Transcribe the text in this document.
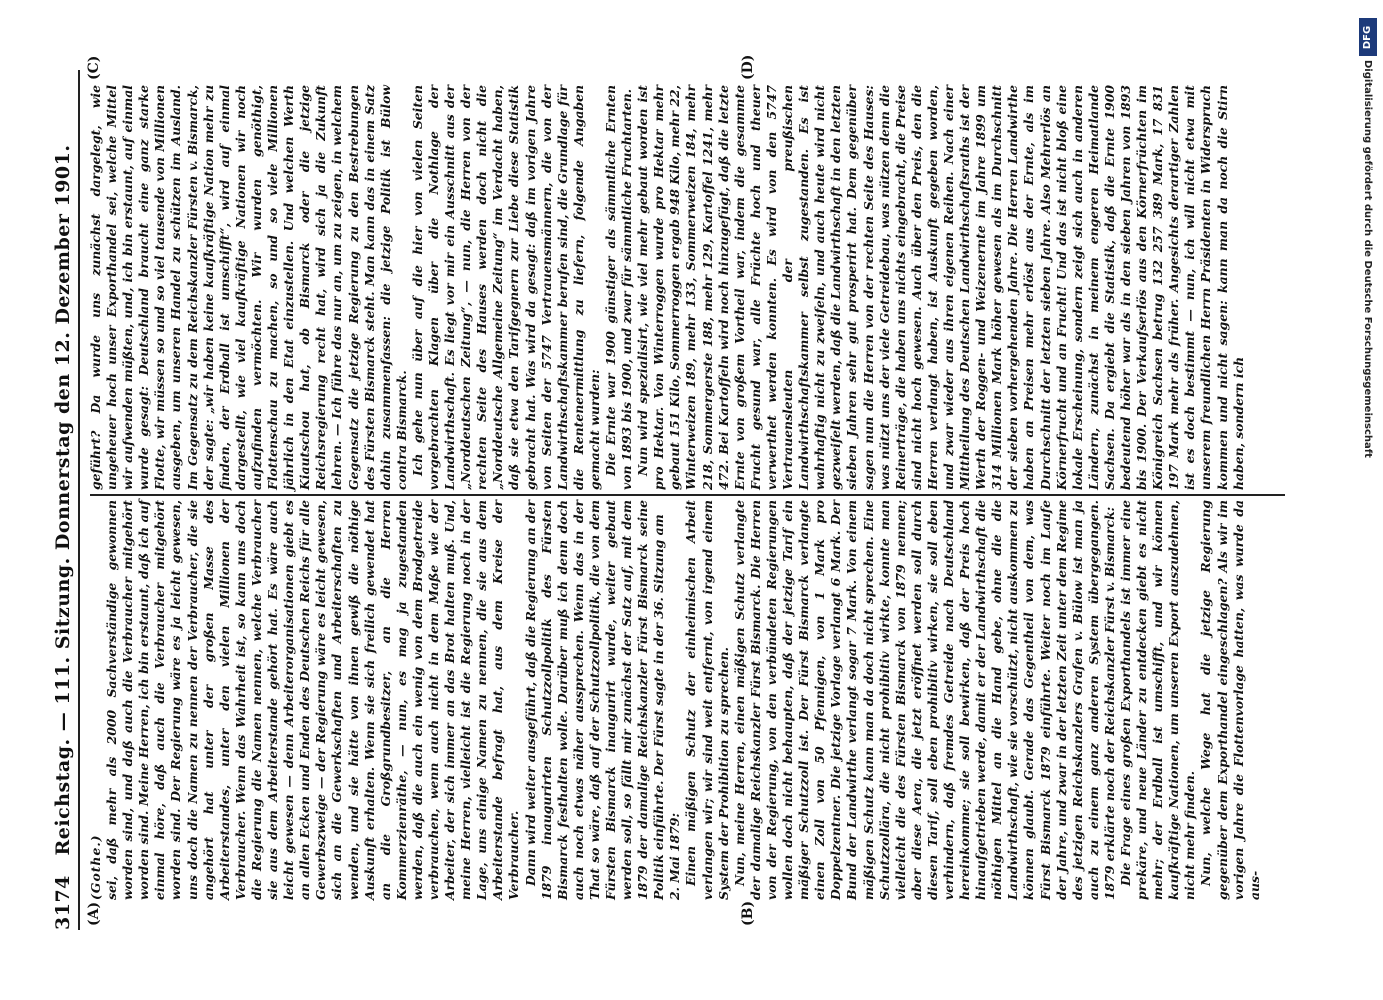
3174
Reichstag. — 111. Sitzung. Donnerstag den 12. Dezember 1901.
(A)	(B)
(C)	(D)

(Gothe.) sei, daß mehr als 2000 Sachverständige gewonnen worden sind, und daß auch die Verbraucher mitgehört worden sind. Meine Herren, ich bin erstaunt, daß ich auf einmal höre, daß auch die Verbraucher mitgehört worden sind. Der Regierung wäre es ja leicht gewesen, uns doch die Namen zu nennen der Verbraucher, die sie angehört hat unter der großen Masse des Arbeiterstandes, unter den vielen Millionen der Verbraucher. Wenn das Wahrheit ist, so kann uns doch die Regierung die Namen nennen, welche Verbraucher sie aus dem Arbeiterstande gehört hat. Es wäre auch leicht gewesen — denn Arbeiterorganisationen giebt es an allen Ecken und Enden des Deutschen Reichs für alle Gewerbszweige — der Regierung wäre es leicht gewesen, sich an die Gewerkschaften und Arbeiterschaften zu wenden, und sie hätte von ihnen gewiß die nöthige Auskunft erhalten. Wenn sie sich freilich gewendet hat an die Großgrundbesitzer, an die Herren Kommerzienräthe, — nun, es mag ja zugestanden werden, daß die auch ein wenig von dem Brodgetreide verbrauchen, wenn auch nicht in dem Maße wie der Arbeiter, der sich immer an das Brot halten muß. Und, meine Herren, vielleicht ist die Regierung noch in der Lage, uns einige Namen zu nennen, die sie aus dem Arbeiterstande befragt hat, aus dem Kreise der Verbraucher. Dann wird weiter ausgeführt, daß die Regierung an der 1879 inaugurirten Schutzzollpolitik des Fürsten Bismarck festhalten wolle. Darüber muß ich denn doch auch noch etwas näher aussprechen. Wenn das in der That so wäre, daß auf der Schutzzollpolitik, die von dem Fürsten Bismarck inaugurirt wurde, weiter gebaut werden soll, so fällt mir zunächst der Satz auf, mit dem 1879 der damalige Reichskanzler Fürst Bismarck seine Politik einführte. Der Fürst sagte in der 36. Sitzung am 2. Mai 1879: Einen mäßigen Schutz der einheimischen Arbeit verlangen wir; wir sind weit entfernt, von irgend einem System der Prohibition zu sprechen. Nun, meine Herren, einen mäßigen Schutz verlangte der damalige Reichskanzler Fürst Bismarck. Die Herren von der Regierung, von den verbündeten Regierungen wollen doch nicht behaupten, daß der jetzige Tarif ein mäßiger Schutzzoll ist. Der Fürst Bismarck verlangte einen Zoll von 50 Pfennigen, von 1 Mark pro Doppelzentner. Die jetzige Vorlage verlangt 6 Mark. Der Bund der Landwirthe verlangt sogar 7 Mark. Von einem mäßigen Schutz kann man da doch nicht sprechen. Eine Schutzzollära, die nicht prohibitiv wirkte, konnte man vielleicht die des Fürsten Bismarck von 1879 nennen; aber diese Aera, die jetzt eröffnet werden soll durch diesen Tarif, soll eben prohibitiv wirken, sie soll eben verhindern, daß fremdes Getreide nach Deutschland hereinkomme; sie soll bewirken, daß der Preis hoch hinaufgetrieben werde, damit er der Landwirthschaft die nöthigen Mittel an die Hand gebe, ohne die die Landwirthschaft, wie sie vorschützt, nicht auskommen zu können glaubt. Gerade das Gegentheil von dem, was Fürst Bismarck 1879 einführte. Weiter noch im Laufe der Jahre, und zwar in der letzten Zeit unter dem Regime des jetzigen Reichskanzlers Grafen v. Bülow ist man ja auch zu einem ganz anderen System übergegangen. 1879 erklärte noch der Reichskanzler Fürst v. Bismarck: Die Frage eines großen Exporthandels ist immer eine prekäre, und neue Länder zu entdecken giebt es nicht mehr; der Erdball ist umschifft, und wir können kaufkräftige Nationen, um unseren Export auszudehnen, nicht mehr finden. Nun, welche Wege hat die jetzige Regierung gegenüber dem Exporthandel eingeschlagen? Als wir im vorigen Jahre die Flottenvorlage hatten, was wurde da aus-

geführt? Da wurde uns zunächst dargelegt, wie ungeheuer hoch unser Exporthandel sei, welche Mittel wir aufwenden müßten, und, ich bin erstaunt, auf einmal wurde gesagt: Deutschland braucht eine ganz starke Flotte, wir müssen so und so viel tausende von Millionen ausgeben, um unseren Handel zu schützen im Ausland. Im Gegensatz zu dem Reichskanzler Fürsten v. Bismarck, der sagte: „wir haben keine kaufkräftige Nation mehr zu finden, der Erdball ist umschifft“, wird auf einmal dargestellt, wie viel kaufkräftige Nationen wir noch aufzufinden vermöchten. Wir wurden genöthigt, Flottenschau zu machen, so und so viele Millionen jährlich in den Etat einzustellen. Und welchen Werth Kiautschou hat, ob Bismarck oder die jetzige Reichsregierung recht hat, wird sich ja die Zukunft lehren. — Ich führe das nur an, um zu zeigen, in welchem Gegensatz die jetzige Regierung zu den Bestrebungen des Fürsten Bismarck steht. Man kann das in einem Satz dahin zusammenfassen: die jetzige Politik ist Bülow contra Bismarck. Ich gehe nun über auf die hier von vielen Seiten vorgebrachten Klagen über die Nothlage der Landwirthschaft. Es liegt vor mir ein Ausschnitt aus der „Norddeutschen Zeitung“, — nun, die Herren von der rechten Seite des Hauses werden doch nicht die „Norddeutsche Allgemeine Zeitung“ im Verdacht haben, daß sie etwa den Tarifgegnern zur Liebe diese Statistik gebracht hat. Was wird da gesagt: daß im vorigen Jahre von Seiten der 5747 Vertrauensmännern, die von der Landwirthschaftskammer berufen sind, die Grundlage für die Rentenermittlung zu liefern, folgende Angaben gemacht wurden: Die Ernte war 1900 günstiger als sämmtliche Ernten von 1893 bis 1900, und zwar für sämmtliche Fruchtarten. Nun wird spezialisirt, wie viel mehr gebaut worden ist pro Hektar. Von Winterroggen wurde pro Hektar mehr gebaut 151 Kilo, Sommerroggen ergab 948 Kilo, mehr 22, Winterweizen 189, mehr 133, Sommerweizen 184, mehr 218, Sommergerste 188, mehr 129, Kartoffel 1241, mehr 472. Bei Kartoffeln wird noch hinzugefügt, daß die letzte Ernte von großem Vortheil war, indem die gesammte Frucht gesund war, alle Früchte hoch und theuer verwerthet werden konnten. Es wird von den 5747 Vertrauensleuten der preußischen Landwirthschaftskammer selbst zugestanden. Es ist wahrhaftig nicht zu zweifeln, und auch heute wird nicht gezweifelt werden, daß die Landwirthschaft in den letzten sieben Jahren sehr gut prosperirt hat. Dem gegenüber sagen nun die Herren von der rechten Seite des Hauses: was nützt uns der viele Getreidebau, was nützen denn die Reinerträge, die haben uns nichts eingebracht, die Preise sind nicht hoch gewesen. Auch über den Preis, den die Herren verlangt haben, ist Auskunft gegeben worden, und zwar wieder aus ihren eigenen Reihen. Nach einer Mittheilung des Deutschen Landwirthschaftsraths ist der Werth der Roggen- und Weizenernte im Jahre 1899 um 314 Millionen Mark höher gewesen als im Durchschnitt der sieben vorhergehenden Jahre. Die Herren Landwirthe haben an Preisen mehr erlöst aus der Ernte, als im Durchschnitt der letzten sieben Jahre. Also Mehrerlös an Körnerfrucht und an Frucht! Und das ist nicht bloß eine lokale Erscheinung, sondern zeigt sich auch in anderen Ländern, zunächst in meinem engeren Heimatlande Sachsen. Da ergiebt die Statistik, daß die Ernte 1900 bedeutend höher war als in den sieben Jahren von 1893 bis 1900. Der Verkaufserlös aus den Körnerfrüchten im Königreich Sachsen betrug 132 257 389 Mark, 17 831 197 Mark mehr als früher. Angesichts derartiger Zahlen ist es doch bestimmt — nun, ich will nicht etwa mit unserem freundlichen Herrn Präsidenten in Widerspruch kommen und nicht sagen: kann man da noch die Stirn haben, sondern ich

DFG
Digitalisierung gefördert durch die Deutsche Forschungsgemeinschaft
